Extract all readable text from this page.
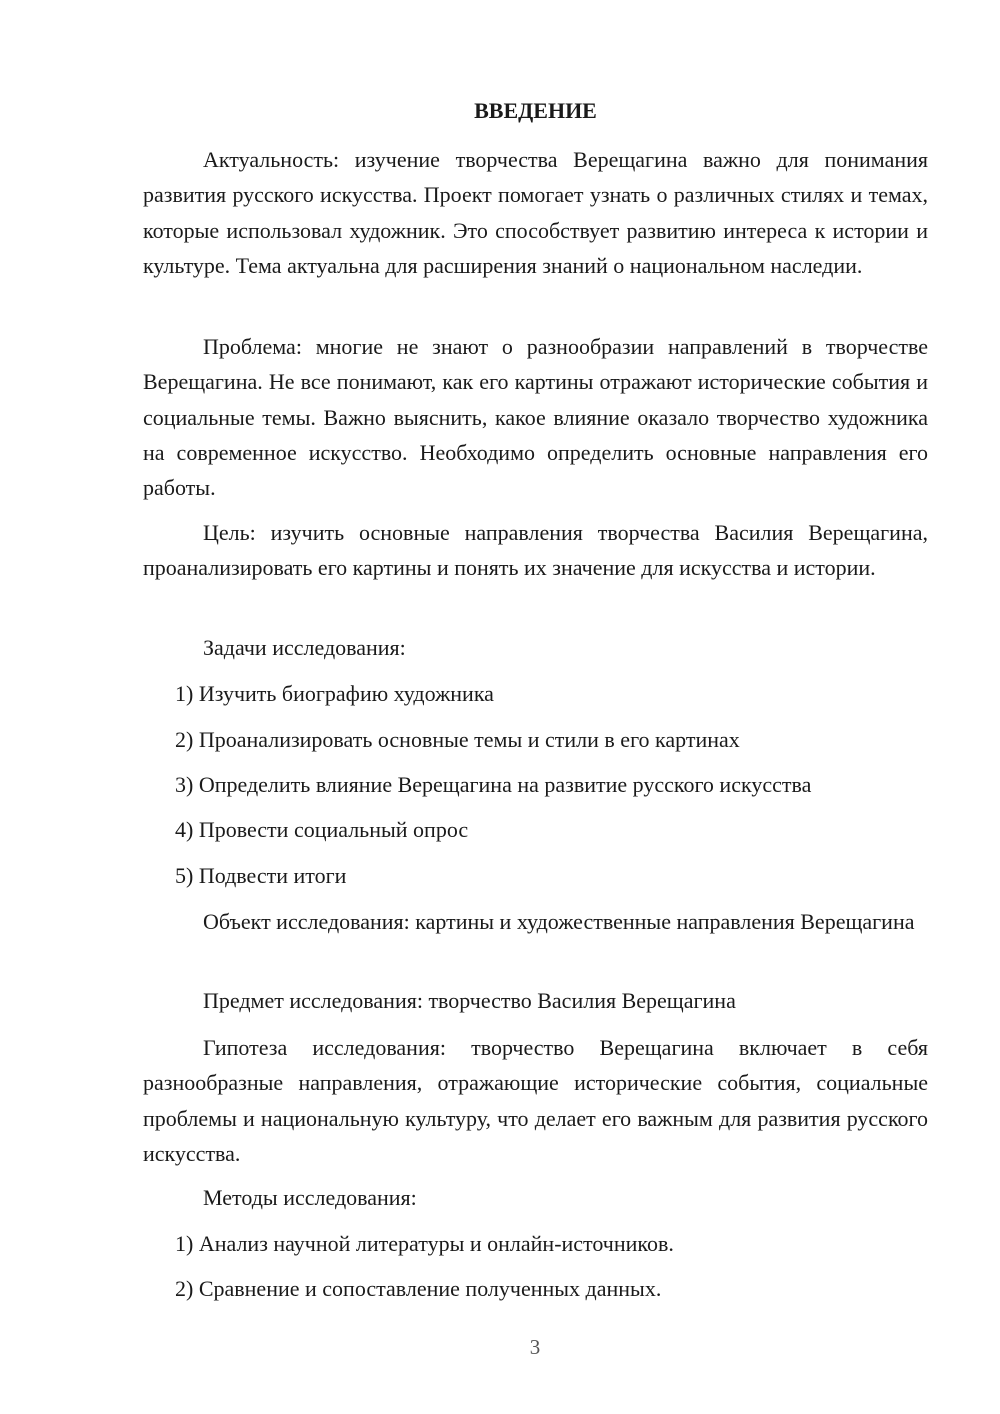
ВВЕДЕНИЕ

Актуальность: изучение творчества Верещагина важно для понимания развития русского искусства. Проект помогает узнать о различных стилях и темах, которые использовал художник. Это способствует развитию интереса к истории и культуре. Тема актуальна для расширения знаний о национальном наследии.

Проблема: многие не знают о разнообразии направлений в творчестве Верещагина. Не все понимают, как его картины отражают исторические события и социальные темы. Важно выяснить, какое влияние оказало творчество художника на современное искусство. Необходимо определить основные направления его работы.

Цель: изучить основные направления творчества Василия Верещагина, проанализировать его картины и понять их значение для искусства и истории.

Задачи исследования:

1) Изучить биографию художника

2) Проанализировать основные темы и стили в его картинах

3) Определить влияние Верещагина на развитие русского искусства

4) Провести социальный опрос

5) Подвести итоги

Объект исследования: картины и художественные направления Верещагина

Предмет исследования: творчество Василия Верещагина

Гипотеза исследования: творчество Верещагина включает в себя разнообразные направления, отражающие исторические события, социальные проблемы и национальную культуру, что делает его важным для развития русского искусства.

Методы исследования:

1) Анализ научной литературы и онлайн-источников.

2) Сравнение и сопоставление полученных данных.

3
